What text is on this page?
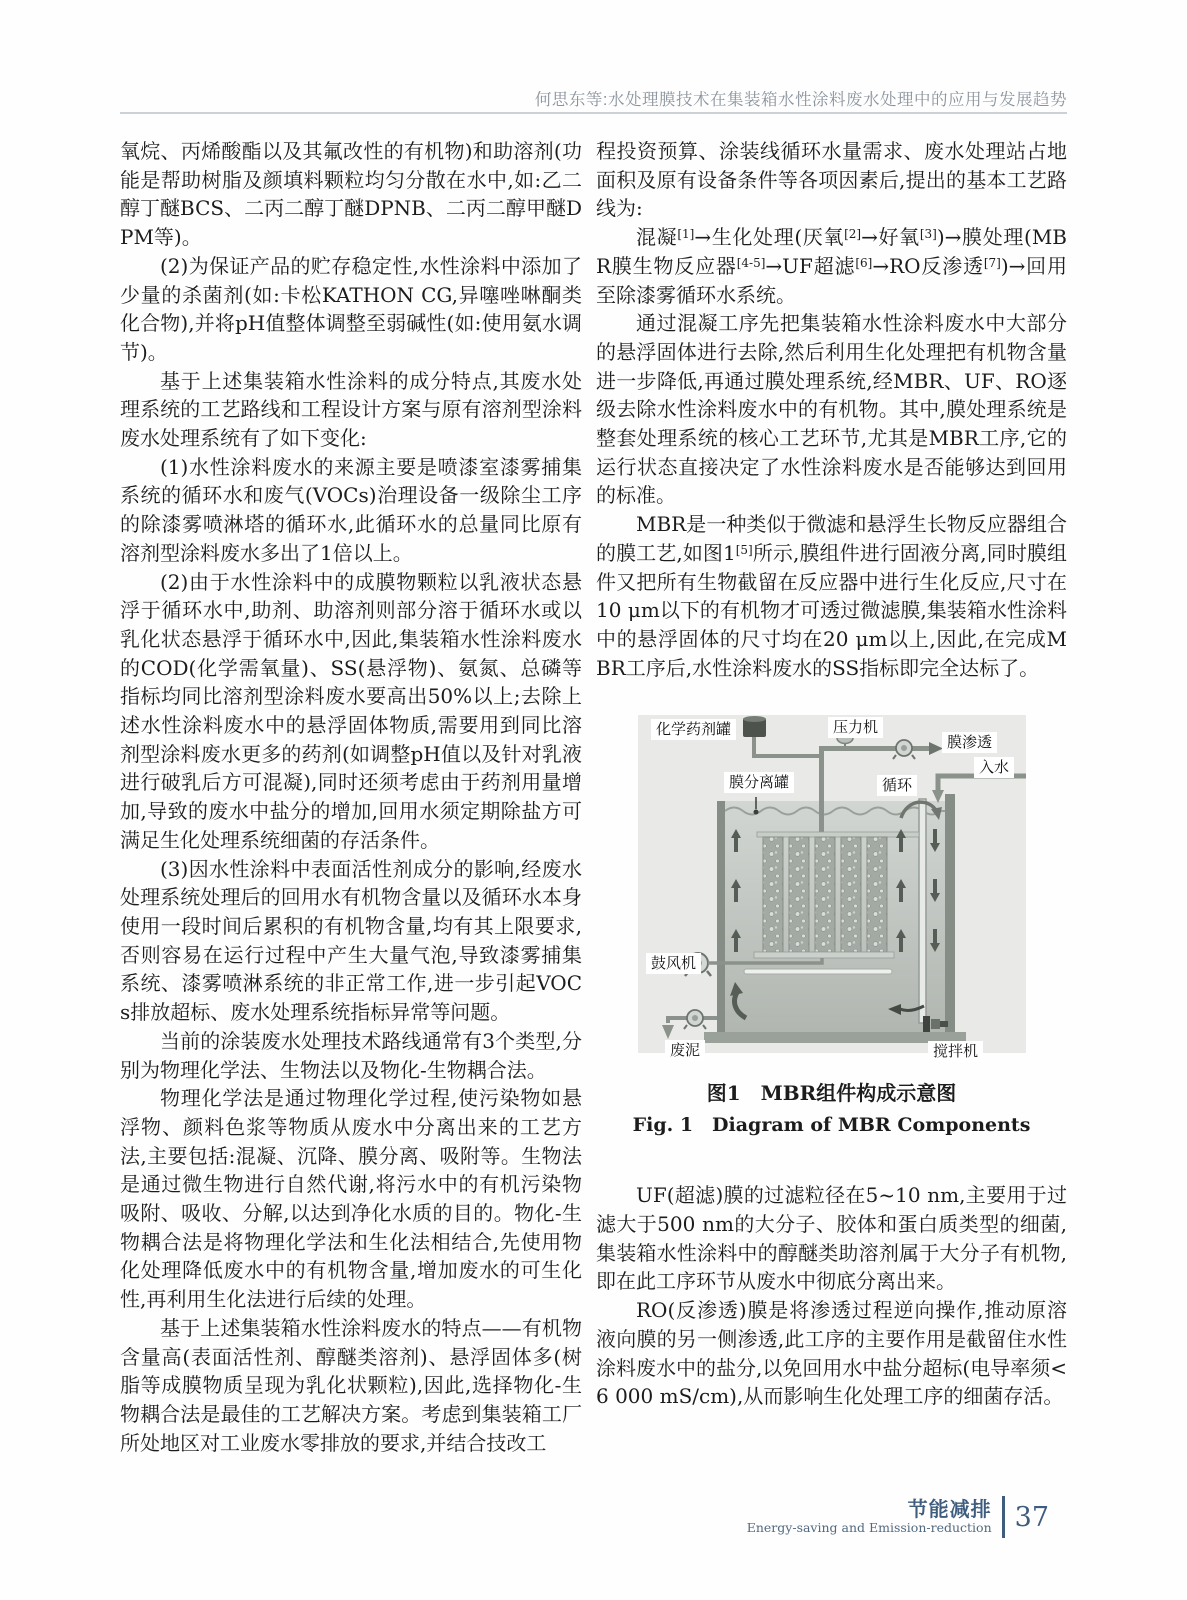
何思东等:水处理膜技术在集装箱水性涂料废水处理中的应用与发展趋势

氧烷、丙烯酸酯以及其氟改性的有机物)和助溶剂(功能是帮助树脂及颜填料颗粒均匀分散在水中,如:乙二醇丁醚BCS、二丙二醇丁醚DPNB、二丙二醇甲醚DPM等)。

(2)为保证产品的贮存稳定性,水性涂料中添加了少量的杀菌剂(如:卡松KATHON CG,异噻唑啉酮类化合物),并将pH值整体调整至弱碱性(如:使用氨水调节)。

基于上述集装箱水性涂料的成分特点,其废水处理系统的工艺路线和工程设计方案与原有溶剂型涂料废水处理系统有了如下变化:

(1)水性涂料废水的来源主要是喷漆室漆雾捕集系统的循环水和废气(VOCs)治理设备一级除尘工序的除漆雾喷淋塔的循环水,此循环水的总量同比原有溶剂型涂料废水多出了1倍以上。

(2)由于水性涂料中的成膜物颗粒以乳液状态悬浮于循环水中,助剂、助溶剂则部分溶于循环水或以乳化状态悬浮于循环水中,因此,集装箱水性涂料废水的COD(化学需氧量)、SS(悬浮物)、氨氮、总磷等指标均同比溶剂型涂料废水要高出50%以上;去除上述水性涂料废水中的悬浮固体物质,需要用到同比溶剂型涂料废水更多的药剂(如调整pH值以及针对乳液进行破乳后方可混凝),同时还须考虑由于药剂用量增加,导致的废水中盐分的增加,回用水须定期除盐方可满足生化处理系统细菌的存活条件。

(3)因水性涂料中表面活性剂成分的影响,经废水处理系统处理后的回用水有机物含量以及循环水本身使用一段时间后累积的有机物含量,均有其上限要求,否则容易在运行过程中产生大量气泡,导致漆雾捕集系统、漆雾喷淋系统的非正常工作,进一步引起VOCs排放超标、废水处理系统指标异常等问题。

当前的涂装废水处理技术路线通常有3个类型,分别为物理化学法、生物法以及物化-生物耦合法。

物理化学法是通过物理化学过程,使污染物如悬浮物、颜料色浆等物质从废水中分离出来的工艺方法,主要包括:混凝、沉降、膜分离、吸附等。生物法是通过微生物进行自然代谢,将污水中的有机污染物吸附、吸收、分解,以达到净化水质的目的。物化-生物耦合法是将物理化学法和生化法相结合,先使用物化处理降低废水中的有机物含量,增加废水的可生化性,再利用生化法进行后续的处理。

基于上述集装箱水性涂料废水的特点——有机物含量高(表面活性剂、醇醚类溶剂)、悬浮固体多(树脂等成膜物质呈现为乳化状颗粒),因此,选择物化-生物耦合法是最佳的工艺解决方案。考虑到集装箱工厂所处地区对工业废水零排放的要求,并结合技改工

程投资预算、涂装线循环水量需求、废水处理站占地面积及原有设备条件等各项因素后,提出的基本工艺路线为:

混凝[1]→生化处理(厌氧[2]→好氧[3])→膜处理(MBR膜生物反应器[4-5]→UF超滤[6]→RO反渗透[7])→回用至除漆雾循环水系统。

通过混凝工序先把集装箱水性涂料废水中大部分的悬浮固体进行去除,然后利用生化处理把有机物含量进一步降低,再通过膜处理系统,经MBR、UF、RO逐级去除水性涂料废水中的有机物。其中,膜处理系统是整套处理系统的核心工艺环节,尤其是MBR工序,它的运行状态直接决定了水性涂料废水是否能够达到回用的标准。

MBR是一种类似于微滤和悬浮生长物反应器组合的膜工艺,如图1[5]所示,膜组件进行固液分离,同时膜组件又把所有生物截留在反应器中进行生化反应,尺寸在10 μm以下的有机物才可透过微滤膜,集装箱水性涂料中的悬浮固体的尺寸均在20 μm以上,因此,在完成MBR工序后,水性涂料废水的SS指标即完全达标了。

化学药剂罐	压力机
膜渗透
入水
膜分离罐	循环
鼓风机
废泥	搅拌机
图1　MBR组件构成示意图
Fig. 1　Diagram of MBR Components

UF(超滤)膜的过滤粒径在5~10 nm,主要用于过滤大于500 nm的大分子、胶体和蛋白质类型的细菌,集装箱水性涂料中的醇醚类助溶剂属于大分子有机物,即在此工序环节从废水中彻底分离出来。

RO(反渗透)膜是将渗透过程逆向操作,推动原溶液向膜的另一侧渗透,此工序的主要作用是截留住水性涂料废水中的盐分,以免回用水中盐分超标(电导率须<6 000 mS/cm),从而影响生化处理工序的细菌存活。

节能减排
Energy-saving and Emission-reduction 37
